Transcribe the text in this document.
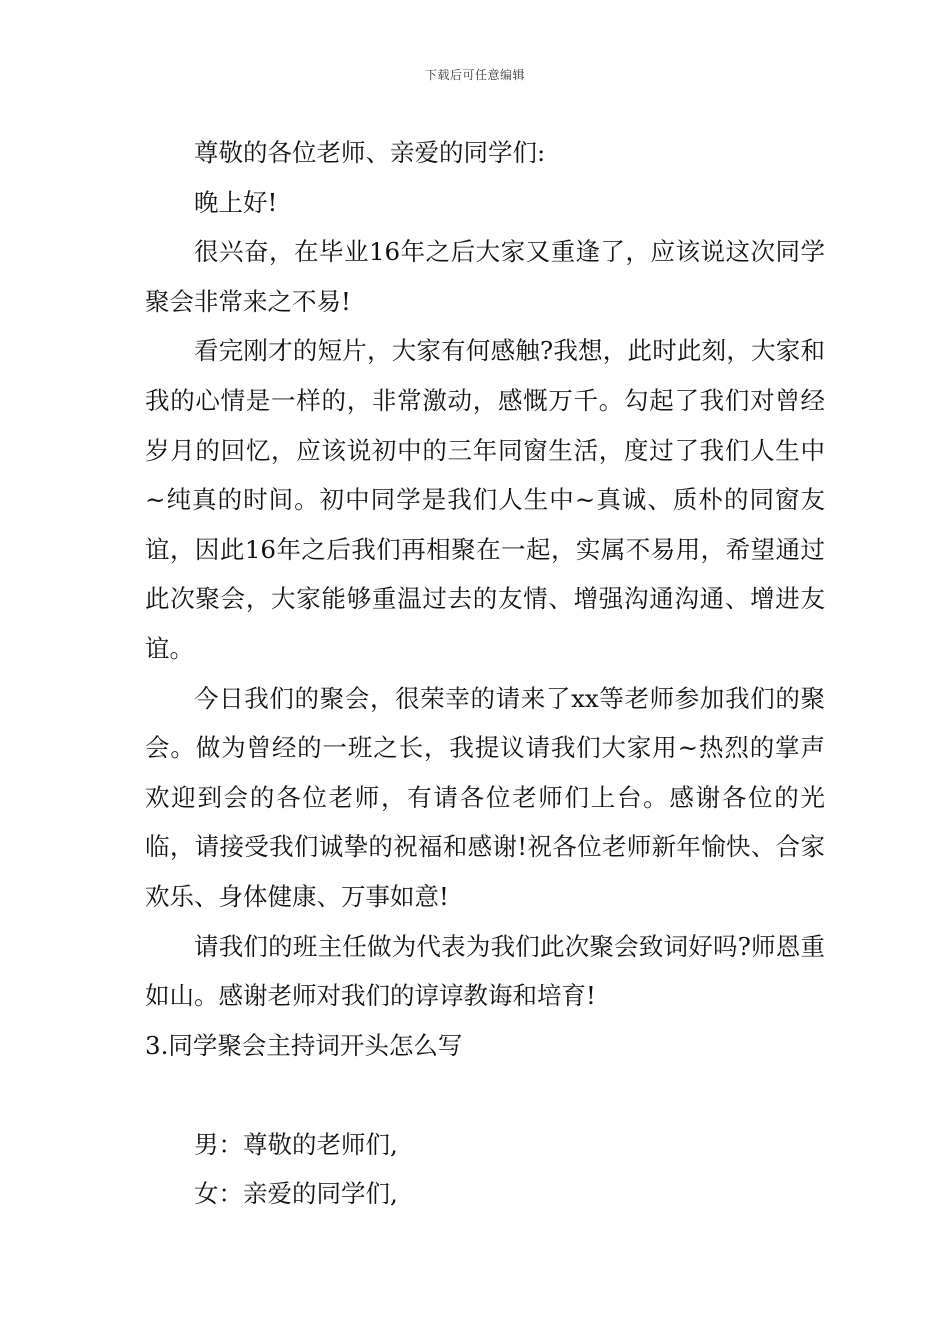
下载后可任意编辑

尊敬的各位老师、亲爱的同学们:

晚上好!

很兴奋，在毕业16年之后大家又重逢了，应该说这次同学聚会非常来之不易!

看完刚才的短片，大家有何感触?我想，此时此刻，大家和我的心情是一样的，非常激动，感慨万千。勾起了我们对曾经岁月的回忆，应该说初中的三年同窗生活，度过了我们人生中~纯真的时间。初中同学是我们人生中~真诚、质朴的同窗友谊，因此16年之后我们再相聚在一起，实属不易用，希望通过此次聚会，大家能够重温过去的友情、增强沟通沟通、增进友谊。

今日我们的聚会，很荣幸的请来了xx等老师参加我们的聚会。做为曾经的一班之长，我提议请我们大家用~热烈的掌声欢迎到会的各位老师，有请各位老师们上台。感谢各位的光临，请接受我们诚挚的祝福和感谢!祝各位老师新年愉快、合家欢乐、身体健康、万事如意!

请我们的班主任做为代表为我们此次聚会致词好吗?师恩重如山。感谢老师对我们的谆谆教诲和培育!

3.同学聚会主持词开头怎么写

男：尊敬的老师们,

女：亲爱的同学们,
